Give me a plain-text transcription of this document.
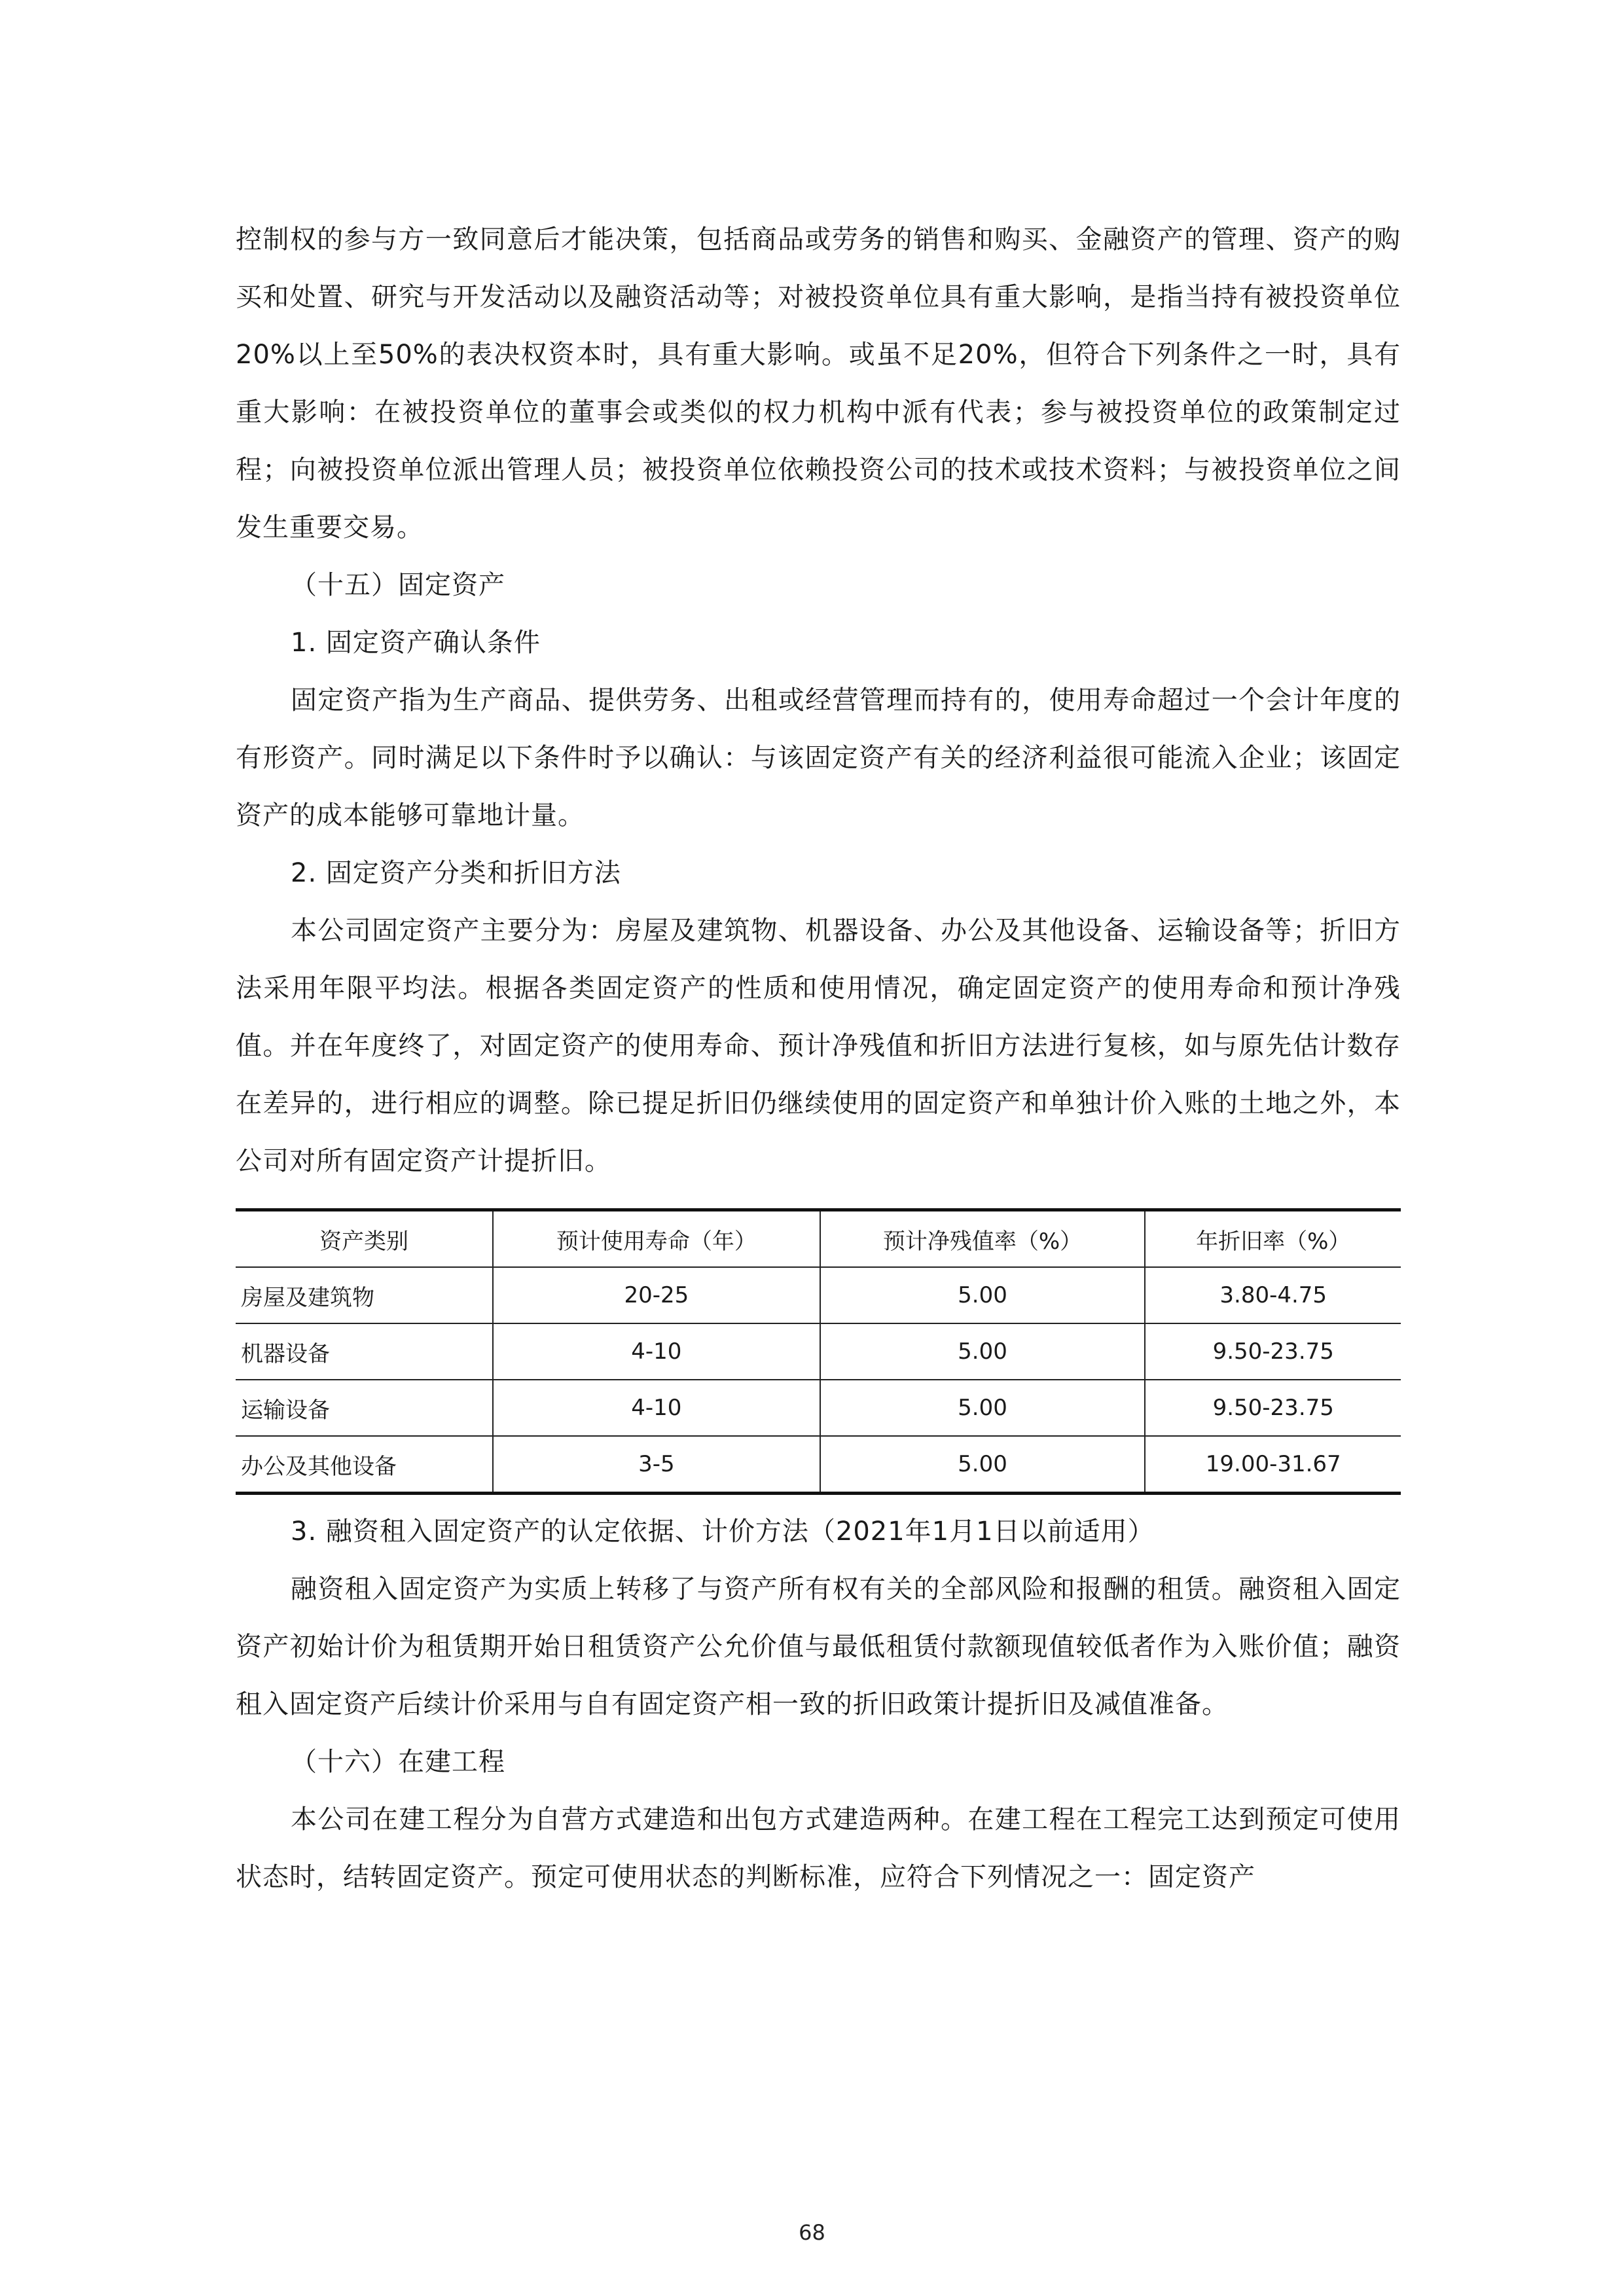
控制权的参与方一致同意后才能决策，包括商品或劳务的销售和购买、金融资产的管理、资产的购买和处置、研究与开发活动以及融资活动等；对被投资单位具有重大影响，是指当持有被投资单位20%以上至50%的表决权资本时，具有重大影响。或虽不足20%，但符合下列条件之一时，具有重大影响：在被投资单位的董事会或类似的权力机构中派有代表；参与被投资单位的政策制定过程；向被投资单位派出管理人员；被投资单位依赖投资公司的技术或技术资料；与被投资单位之间发生重要交易。

（十五）固定资产

1. 固定资产确认条件

固定资产指为生产商品、提供劳务、出租或经营管理而持有的，使用寿命超过一个会计年度的有形资产。同时满足以下条件时予以确认：与该固定资产有关的经济利益很可能流入企业；该固定资产的成本能够可靠地计量。

2. 固定资产分类和折旧方法

本公司固定资产主要分为：房屋及建筑物、机器设备、办公及其他设备、运输设备等；折旧方法采用年限平均法。根据各类固定资产的性质和使用情况，确定固定资产的使用寿命和预计净残值。并在年度终了，对固定资产的使用寿命、预计净残值和折旧方法进行复核，如与原先估计数存在差异的，进行相应的调整。除已提足折旧仍继续使用的固定资产和单独计价入账的土地之外，本公司对所有固定资产计提折旧。

资产类别	预计使用寿命（年）	预计净残值率（%）	年折旧率（%）
房屋及建筑物	20-25	5.00	3.80-4.75
机器设备	4-10	5.00	9.50-23.75
运输设备	4-10	5.00	9.50-23.75
办公及其他设备	3-5	5.00	19.00-31.67

3. 融资租入固定资产的认定依据、计价方法（2021年1月1日以前适用）

融资租入固定资产为实质上转移了与资产所有权有关的全部风险和报酬的租赁。融资租入固定资产初始计价为租赁期开始日租赁资产公允价值与最低租赁付款额现值较低者作为入账价值；融资租入固定资产后续计价采用与自有固定资产相一致的折旧政策计提折旧及减值准备。

（十六）在建工程

本公司在建工程分为自营方式建造和出包方式建造两种。在建工程在工程完工达到预定可使用状态时，结转固定资产。预定可使用状态的判断标准，应符合下列情况之一：固定资产

68
